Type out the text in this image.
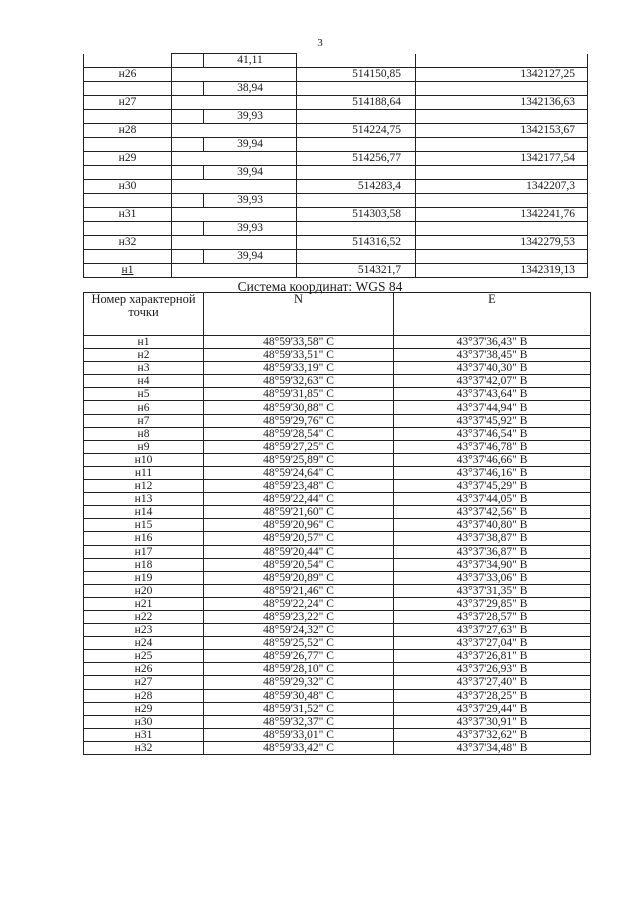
3
		41,11		
н26			514150,85	1342127,25
		38,94		
н27			514188,64	1342136,63
		39,93		
н28			514224,75	1342153,67
		39,94		
н29			514256,77	1342177,54
		39,94		
н30			514283,4	1342207,3
		39,93		
н31			514303,58	1342241,76
		39,93		
н32			514316,52	1342279,53
		39,94		
н1			514321,7	1342319,13
Система координат: WGS 84
Номер характерной точки	N	E
н1	48°59'33,58" С	43°37'36,43" В
н2	48°59'33,51" С	43°37'38,45" В
н3	48°59'33,19" С	43°37'40,30" В
н4	48°59'32,63" С	43°37'42,07" В
н5	48°59'31,85" С	43°37'43,64" В
н6	48°59'30,88" С	43°37'44,94" В
н7	48°59'29,76" С	43°37'45,92" В
н8	48°59'28,54" С	43°37'46,54" В
н9	48°59'27,25" С	43°37'46,78" В
н10	48°59'25,89" С	43°37'46,66" В
н11	48°59'24,64" С	43°37'46,16" В
н12	48°59'23,48" С	43°37'45,29" В
н13	48°59'22,44" С	43°37'44,05" В
н14	48°59'21,60" С	43°37'42,56" В
н15	48°59'20,96" С	43°37'40,80" В
н16	48°59'20,57" С	43°37'38,87" В
н17	48°59'20,44" С	43°37'36,87" В
н18	48°59'20,54" С	43°37'34,90" В
н19	48°59'20,89" С	43°37'33,06" В
н20	48°59'21,46" С	43°37'31,35" В
н21	48°59'22,24" С	43°37'29,85" В
н22	48°59'23,22" С	43°37'28,57" В
н23	48°59'24,32" С	43°37'27,63" В
н24	48°59'25,52" С	43°37'27,04" В
н25	48°59'26,77" С	43°37'26,81" В
н26	48°59'28,10" С	43°37'26,93" В
н27	48°59'29,32" С	43°37'27,40" В
н28	48°59'30,48" С	43°37'28,25" В
н29	48°59'31,52" С	43°37'29,44" В
н30	48°59'32,37" С	43°37'30,91" В
н31	48°59'33,01" С	43°37'32,62" В
н32	48°59'33,42" С	43°37'34,48" В
